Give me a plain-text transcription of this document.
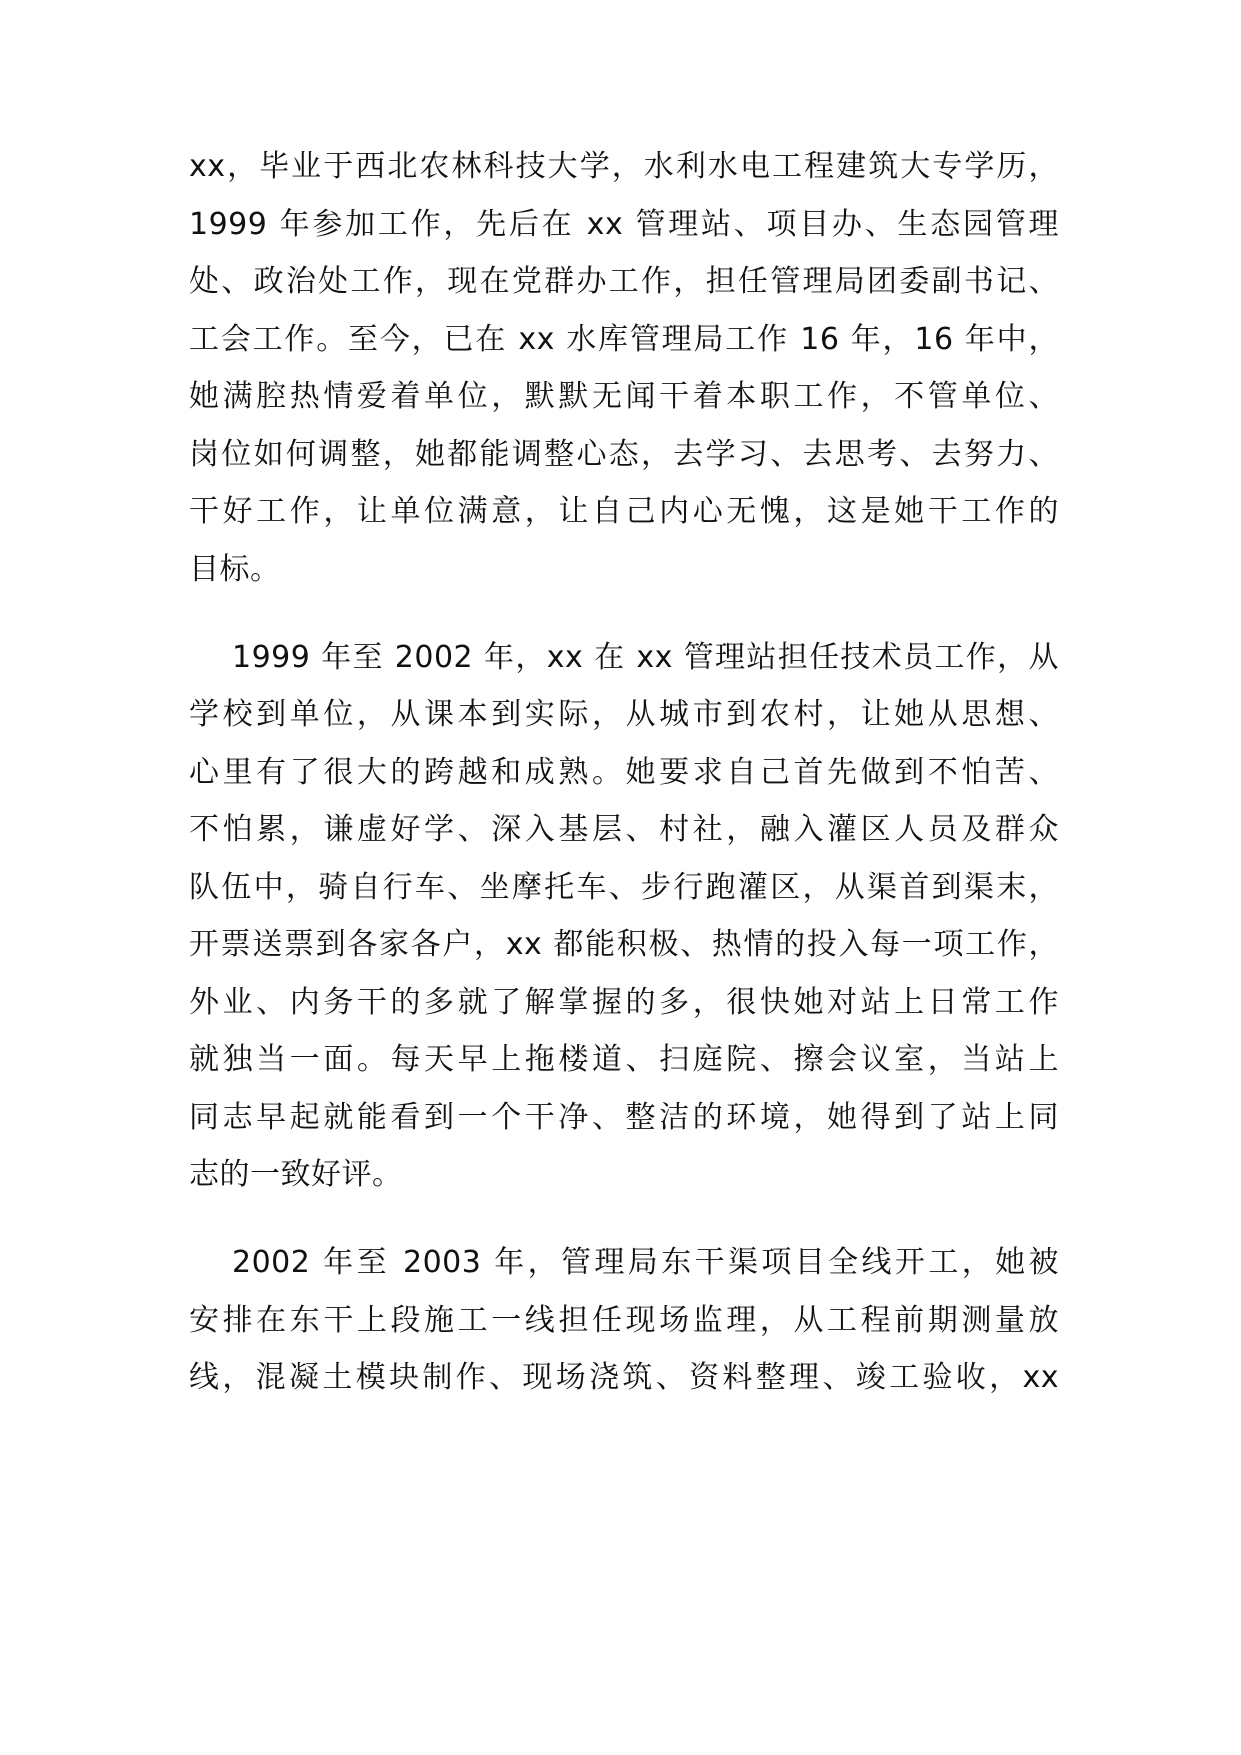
xx，毕业于西北农林科技大学，水利水电工程建筑大专学历，
1999 年参加工作，先后在 xx 管理站、项目办、生态园管理
处、政治处工作，现在党群办工作，担任管理局团委副书记、
工会工作。至今，已在 xx 水库管理局工作 16 年，16 年中，
她满腔热情爱着单位，默默无闻干着本职工作，不管单位、
岗位如何调整，她都能调整心态，去学习、去思考、去努力、
干好工作，让单位满意，让自己内心无愧，这是她干工作的
目标。
1999 年至 2002 年，xx 在 xx 管理站担任技术员工作，从
学校到单位，从课本到实际，从城市到农村，让她从思想、
心里有了很大的跨越和成熟。她要求自己首先做到不怕苦、
不怕累，谦虚好学、深入基层、村社，融入灌区人员及群众
队伍中，骑自行车、坐摩托车、步行跑灌区，从渠首到渠末，
开票送票到各家各户，xx 都能积极、热情的投入每一项工作，
外业、内务干的多就了解掌握的多，很快她对站上日常工作
就独当一面。每天早上拖楼道、扫庭院、擦会议室，当站上
同志早起就能看到一个干净、整洁的环境，她得到了站上同
志的一致好评。
2002 年至 2003 年，管理局东干渠项目全线开工，她被
安排在东干上段施工一线担任现场监理，从工程前期测量放
线，混凝土模块制作、现场浇筑、资料整理、竣工验收，xx
